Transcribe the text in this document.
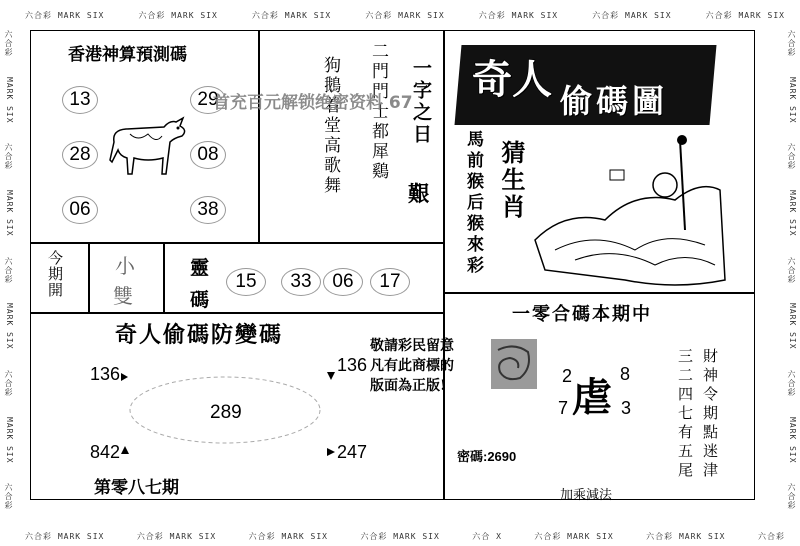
六合彩 MARK SIX	六合彩 MARK SIX	六合彩 MARK SIX	六合彩 MARK SIX	六合彩 MARK SIX	六合彩 MARK SIX	六合彩 MARK SIX
六合彩 MARK SIX	六合彩 MARK SIX	六合彩 MARK SIX	六合彩 MARK SIX	六合 X	六合彩 MARK SIX	六合彩 MARK SIX	六合彩
六合彩
MARK SIX
六合彩
MARK SIX
六合彩
MARK SIX
六合彩
MARK SIX
六合彩
六合彩
MARK SIX
六合彩
MARK SIX
六合彩
MARK SIX
六合彩
MARK SIX
六合彩
香港神算預測碼
13
28
06
29
08
38
狗鵝着堂高歌舞 二門門士都犀鷄 一字之日
艱
首充百元解锁绝密资料 67 奇人 偷碼圖
猜生肖
馬前猴后猴來彩
今期開	小
雙
靈
碼
15	33	06	17
奇人偷碼防變碼
136	136
289
842	247
第零八七期
敬請彩民留意
凡有此商標的
版面為正版!
一零合碼本期中
2	8
7	3
虐
密碼:2690
加乘減法
三二四七有五尾 財神令期點迷津
